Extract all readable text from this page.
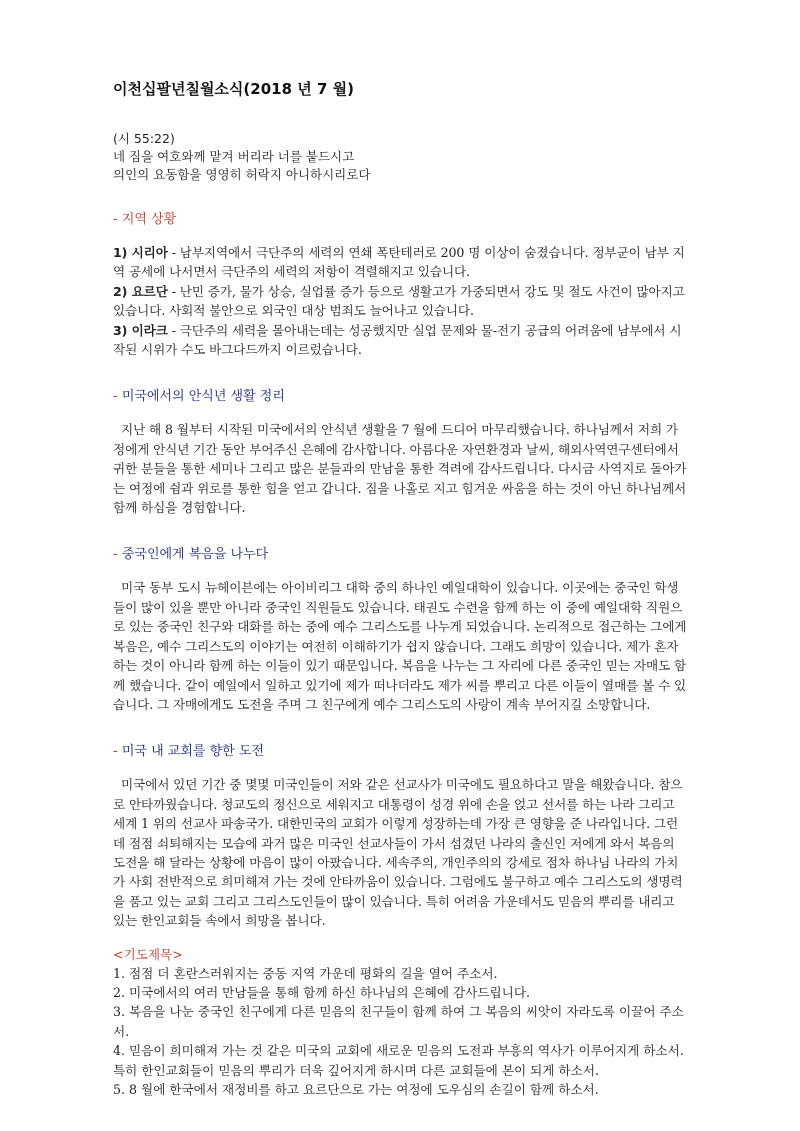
이천십팔년칠월소식(2018 년 7 월)
(시 55:22)
네 짐을 여호와께 맡겨 버리라 너를 붙드시고
의인의 요동함을 영영히 허락지 아니하시리로다
- 지역 상황

1) 시리아 - 남부지역에서 극단주의 세력의 연쇄 폭탄테러로 200 명 이상이 숨졌습니다. 정부군이 남부 지역 공세에 나서면서 극단주의 세력의 저항이 격렬해지고 있습니다.

2) 요르단 - 난민 증가, 물가 상승, 실업률 증가 등으로 생활고가 가중되면서 강도 및 절도 사건이 많아지고 있습니다. 사회적 불안으로 외국인 대상 범죄도 늘어나고 있습니다.

3) 이라크 - 극단주의 세력을 몰아내는데는 성공했지만 실업 문제와 물-전기 공급의 어려움에 남부에서 시작된 시위가 수도 바그다드까지 이르렀습니다.

- 미국에서의 안식년 생활 정리

지난 해 8 월부터 시작된 미국에서의 안식년 생활을 7 월에 드디어 마무리했습니다. 하나님께서 저희 가정에게 안식년 기간 동안 부어주신 은혜에 감사합니다. 아름다운 자연환경과 날씨, 해외사역연구센터에서 귀한 분들을 통한 세미나 그리고 많은 분들과의 만남을 통한 격려에 감사드립니다. 다시금 사역지로 돌아가는 여정에 쉼과 위로를 통한 힘을 얻고 갑니다. 짐을 나홀로 지고 힘겨운 싸움을 하는 것이 아닌 하나님께서 함께 하심을 경험합니다.

- 중국인에게 복음을 나누다

미국 동부 도시 뉴헤이븐에는 아이비리그 대학 중의 하나인 예일대학이 있습니다. 이곳에는 중국인 학생들이 많이 있을 뿐만 아니라 중국인 직원들도 있습니다. 태권도 수련을 함께 하는 이 중에 예일대학 직원으로 있는 중국인 친구와 대화를 하는 중에 예수 그리스도를 나누게 되었습니다. 논리적으로 접근하는 그에게 복음은, 예수 그리스도의 이야기는 여전히 이해하기가 쉽지 않습니다. 그래도 희망이 있습니다. 제가 혼자 하는 것이 아니라 함께 하는 이들이 있기 때문입니다. 복음을 나누는 그 자리에 다른 중국인 믿는 자매도 함께 했습니다. 같이 예일에서 일하고 있기에 제가 떠나더라도 제가 씨를 뿌리고 다른 이들이 열매를 볼 수 있습니다. 그 자매에게도 도전을 주며 그 친구에게 예수 그리스도의 사랑이 계속 부어지길 소망합니다.

- 미국 내 교회를 향한 도전

미국에서 있던 기간 중 몇몇 미국인들이 저와 같은 선교사가 미국에도 필요하다고 말을 해왔습니다. 참으로 안타까웠습니다. 청교도의 정신으로 세워지고 대통령이 성경 위에 손을 얹고 선서를 하는 나라 그리고 세계 1 위의 선교사 파송국가. 대한민국의 교회가 이렇게 성장하는데 가장 큰 영향을 준 나라입니다. 그런데 점점 쇠퇴해지는 모습에 과거 많은 미국인 선교사들이 가서 섬겼던 나라의 출신인 저에게 와서 복음의 도전을 해 달라는 상황에 마음이 많이 아팠습니다. 세속주의, 개인주의의 강세로 점차 하나님 나라의 가치가 사회 전반적으로 희미해져 가는 것에 안타까움이 있습니다. 그럼에도 불구하고 예수 그리스도의 생명력을 품고 있는 교회 그리고 그리스도인들이 많이 있습니다. 특히 어려움 가운데서도 믿음의 뿌리를 내리고 있는 한인교회들 속에서 희망을 봅니다.

<기도제목>
1. 점점 더 혼란스러워지는 중동 지역 가운데 평화의 길을 열어 주소서.
2. 미국에서의 여러 만남들을 통해 함께 하신 하나님의 은혜에 감사드립니다.
3. 복음을 나눈 중국인 친구에게 다른 믿음의 친구들이 함께 하여 그 복음의 씨앗이 자라도록 이끌어 주소서.
4. 믿음이 희미해져 가는 것 같은 미국의 교회에 새로운 믿음의 도전과 부흥의 역사가 이루어지게 하소서. 특히 한인교회들이 믿음의 뿌리가 더욱 깊어지게 하시며 다른 교회들에 본이 되게 하소서.
5. 8 월에 한국에서 재정비를 하고 요르단으로 가는 여정에 도우심의 손길이 함께 하소서.
